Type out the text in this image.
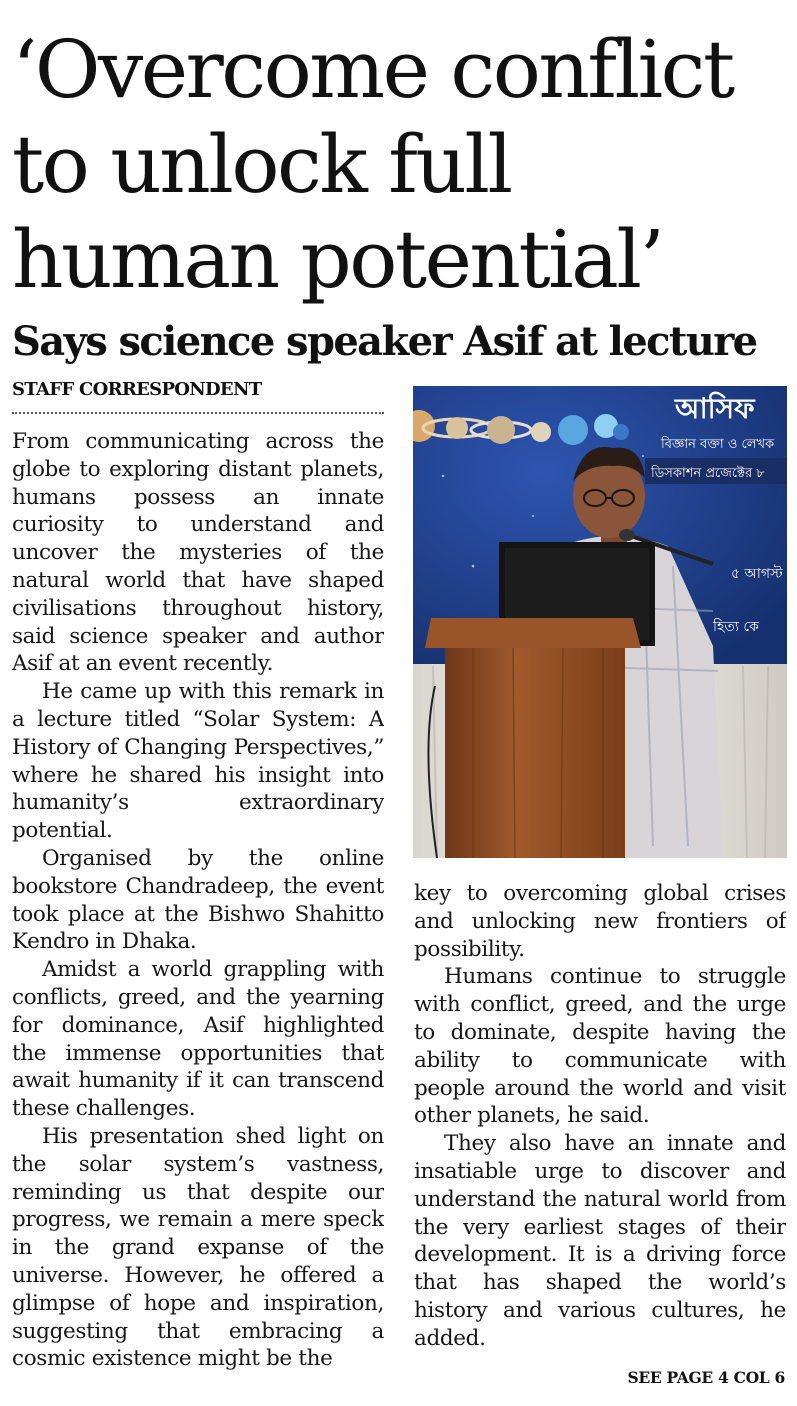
‘Overcome conflict
to unlock full
human potential’
Says science speaker Asif at lecture
STAFF CORRESPONDENT

From communicating across the globe to exploring distant planets, humans possess an innate curiosity to understand and uncover the mysteries of the natural world that have shaped civilisations throughout history, said science speaker and author Asif at an event recently.

He came up with this remark in a lecture titled “Solar System: A History of Changing Perspectives,” where he shared his insight into humanity’s extraordinary potential.

Organised by the online bookstore Chandradeep, the event took place at the Bishwo Shahitto Kendro in Dhaka.

Amidst a world grappling with conflicts, greed, and the yearning for dominance, Asif highlighted the immense opportunities that await humanity if it can transcend these challenges.

His presentation shed light on the solar system’s vastness, reminding us that despite our progress, we remain a mere speck in the grand expanse of the universe. However, he offered a glimpse of hope and inspiration, suggesting that embracing a cosmic existence might be the

আসিফ
বিজ্ঞান বক্তা ও লেখক
ডিসকাশন প্রজেক্টের ৮
৫ আগস্ট
হিত্য কে

key to overcoming global crises and unlocking new frontiers of possibility.

Humans continue to struggle with conflict, greed, and the urge to dominate, despite having the ability to communicate with people around the world and visit other planets, he said.

They also have an innate and insatiable urge to discover and understand the natural world from the very earliest stages of their development. It is a driving force that has shaped the world’s history and various cultures, he added.

SEE PAGE 4 COL 6
